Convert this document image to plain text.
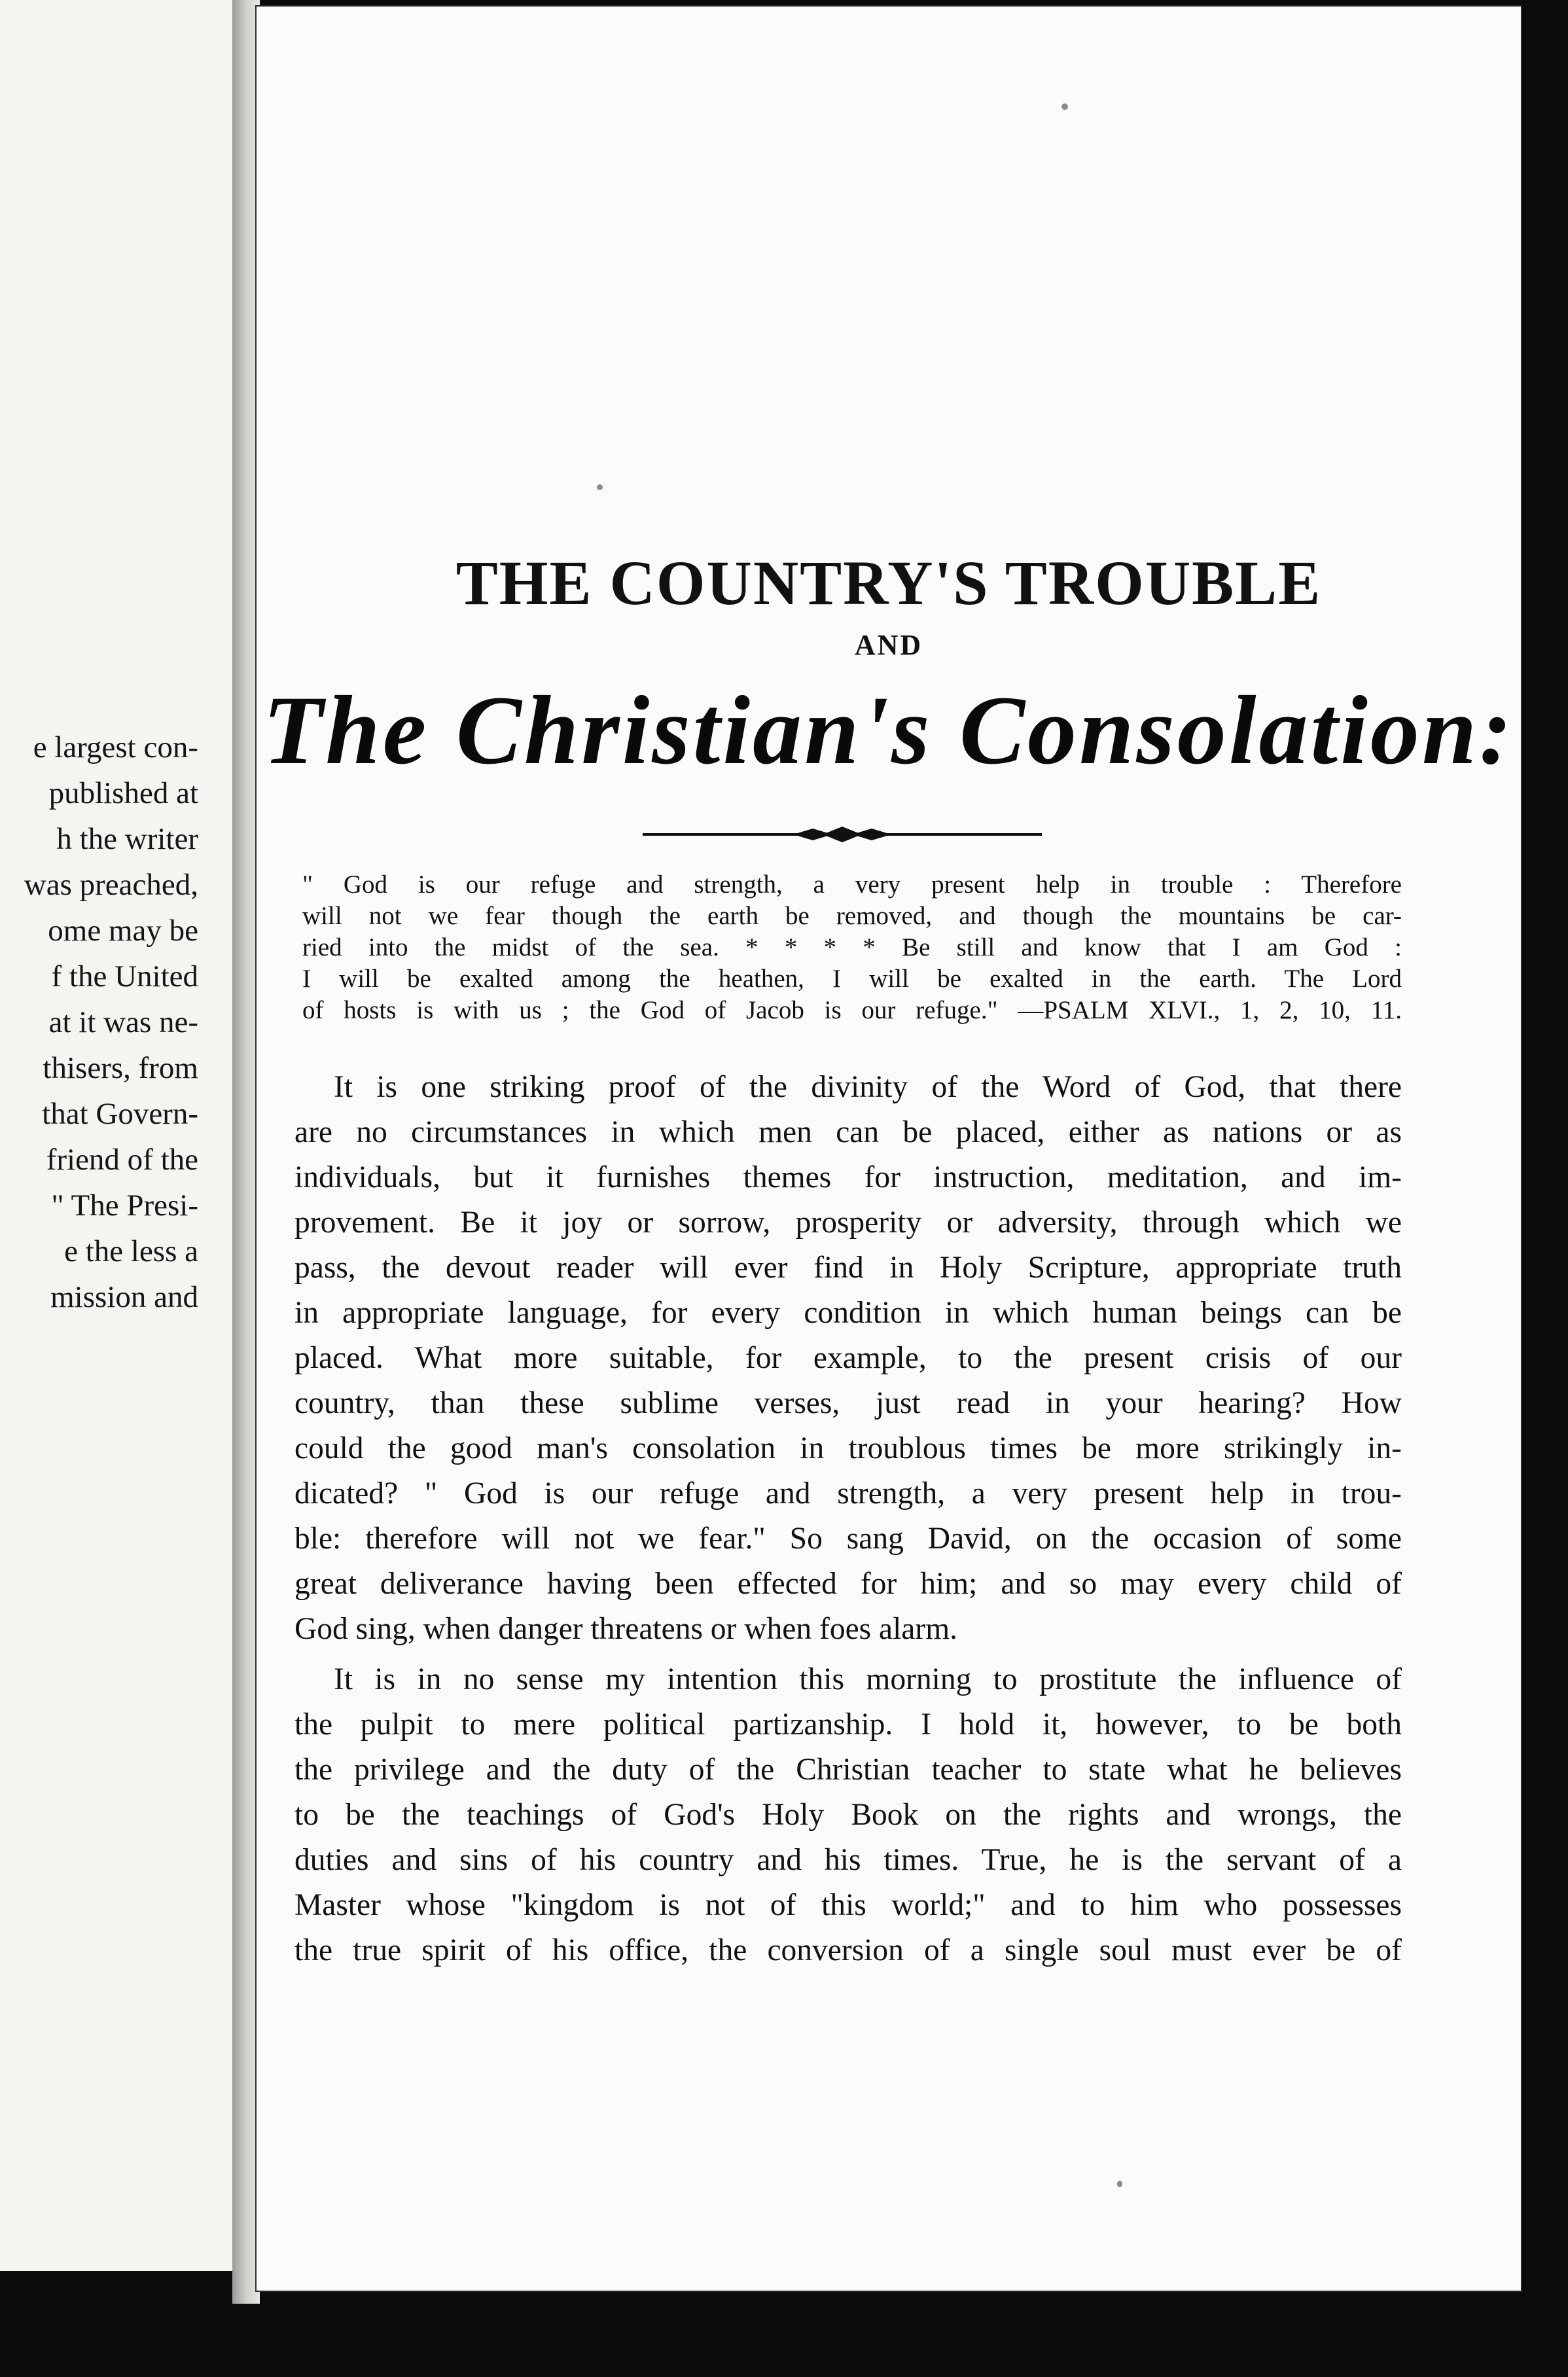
e largest con-
published at
h the writer
was preached,
ome may be
f the United
at it was ne-
thisers, from
that Govern-
friend of the
" The Presi-
e the less a
mission and
THE COUNTRY'S TROUBLE
AND
The Christian's Consolation:
" God is our refuge and strength, a very present help in trouble : Therefore
will not we fear though the earth be removed, and though the mountains be car-
ried into the midst of the sea. * * * * Be still and know that I am God :
I will be exalted among the heathen, I will be exalted in the earth. The Lord
of hosts is with us ; the God of Jacob is our refuge." —PSALM XLVI., 1, 2, 10, 11.
It is one striking proof of the divinity of the Word of God, that there
are no circumstances in which men can be placed, either as nations or as
individuals, but it furnishes themes for instruction, meditation, and im-
provement. Be it joy or sorrow, prosperity or adversity, through which we
pass, the devout reader will ever find in Holy Scripture, appropriate truth
in appropriate language, for every condition in which human beings can be
placed. What more suitable, for example, to the present crisis of our
country, than these sublime verses, just read in your hearing? How
could the good man's consolation in troublous times be more strikingly in-
dicated? " God is our refuge and strength, a very present help in trou-
ble: therefore will not we fear." So sang David, on the occasion of some
great deliverance having been effected for him; and so may every child of
God sing, when danger threatens or when foes alarm.
It is in no sense my intention this morning to prostitute the influence of
the pulpit to mere political partizanship. I hold it, however, to be both
the privilege and the duty of the Christian teacher to state what he believes
to be the teachings of God's Holy Book on the rights and wrongs, the
duties and sins of his country and his times. True, he is the servant of a
Master whose "kingdom is not of this world;" and to him who possesses
the true spirit of his office, the conversion of a single soul must ever be of
